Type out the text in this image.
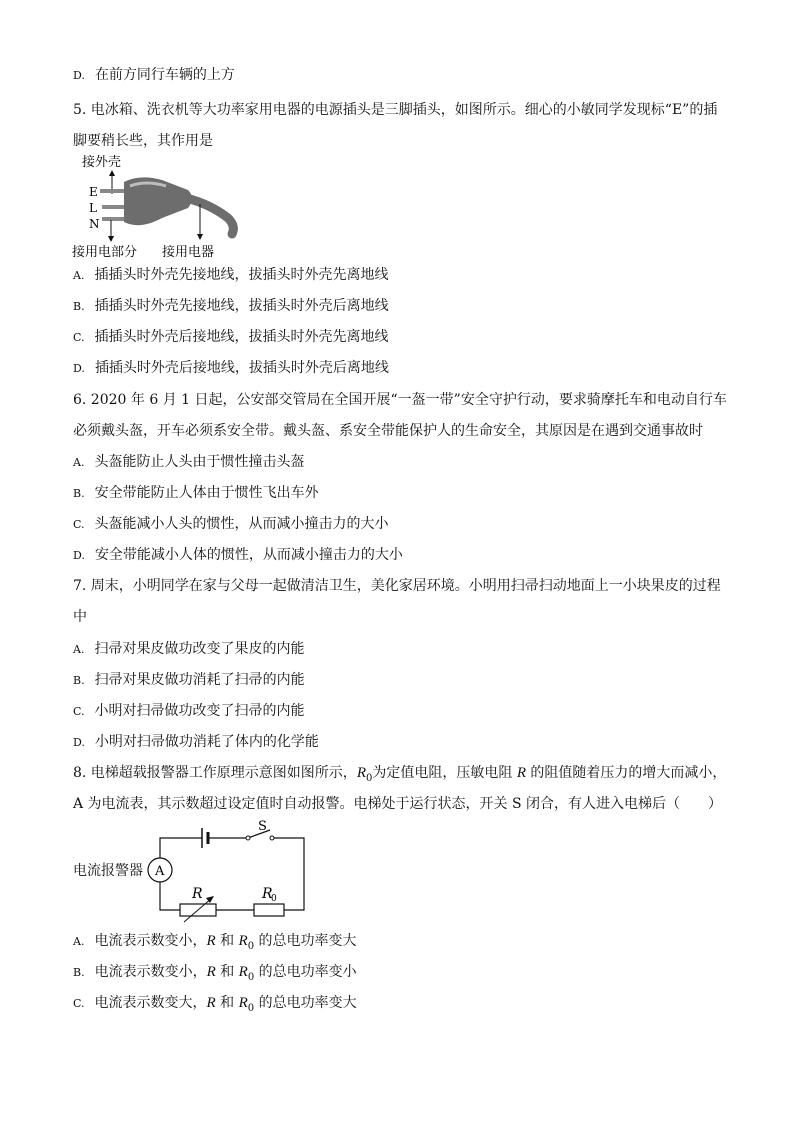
D. 在前方同行车辆的上方
5. 电冰箱、洗衣机等大功率家用电器的电源插头是三脚插头，如图所示。细心的小敏同学发现标“E”的插
脚要稍长些，其作用是
接外壳
E
L
N
接用电部分 接用电器
A. 插插头时外壳先接地线，拔插头时外壳先离地线
B. 插插头时外壳先接地线，拔插头时外壳后离地线
C. 插插头时外壳后接地线，拔插头时外壳先离地线
D. 插插头时外壳后接地线，拔插头时外壳后离地线
6. 2020 年 6 月 1 日起，公安部交管局在全国开展“一盔一带”安全守护行动，要求骑摩托车和电动自行车
必须戴头盔，开车必须系安全带。戴头盔、系安全带能保护人的生命安全，其原因是在遇到交通事故时
A. 头盔能防止人头由于惯性撞击头盔
B. 安全带能防止人体由于惯性飞出车外
C. 头盔能减小人头的惯性，从而减小撞击力的大小
D. 安全带能减小人体的惯性，从而减小撞击力的大小
7. 周末，小明同学在家与父母一起做清洁卫生，美化家居环境。小明用扫帚扫动地面上一小块果皮的过程
中
A. 扫帚对果皮做功改变了果皮的内能
B. 扫帚对果皮做功消耗了扫帚的内能
C. 小明对扫帚做功改变了扫帚的内能
D. 小明对扫帚做功消耗了体内的化学能
8. 电梯超载报警器工作原理示意图如图所示，$R_0$为定值电阻，压敏电阻 R 的阻值随着压力的增大而减小，
A 为电流表，其示数超过设定值时自动报警。电梯处于运行状态，开关 S 闭合，有人进入电梯后（　　）
电流报警器
S
A
R	R
0
A. 电流表示数变小，R 和 $R_0$ 的总电功率变大
B. 电流表示数变小，R 和 $R_0$ 的总电功率变小
C. 电流表示数变大，R 和 $R_0$ 的总电功率变大
